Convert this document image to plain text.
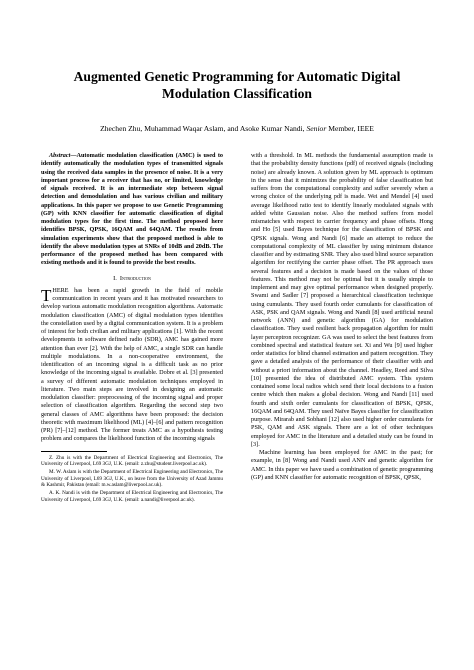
Augmented Genetic Programming for Automatic Digital
Modulation Classification
Zhechen Zhu, Muhammad Waqar Aslam, and Asoke Kumar Nandi, Senior Member, IEEE

Abstract—Automatic modulation classification (AMC) is used to identify automatically the modulation types of transmitted signals using the received data samples in the presence of noise. It is a very important process for a receiver that has no, or limited, knowledge of signals received. It is an intermediate step between signal detection and demodulation and has various civilian and military applications. In this paper we propose to use Genetic Programming (GP) with KNN classifier for automatic classification of digital modulation types for the first time. The method proposed here identifies BPSK, QPSK, 16QAM and 64QAM. The results from simulation experiments show that the proposed method is able to identify the above modulation types at SNRs of 10dB and 20dB. The performance of the proposed method has been compared with existing methods and it is found to provide the best results.

I. Introduction

THERE has been a rapid growth in the field of mobile communication in recent years and it has motivated researchers to develop various automatic modulation recognition algorithms. Automatic modulation classification (AMC) of digital modulation types identifies the constellation used by a digital communication system. It is a problem of interest for both civilian and military applications [1]. With the recent developments in software defined radio (SDR), AMC has gained more attention than ever [2]. With the help of AMC, a single SDR can handle multiple modulations. In a non-cooperative environment, the identification of an incoming signal is a difficult task as no prior knowledge of the incoming signal is available. Dobre et al. [3] presented a survey of different automatic modulation techniques employed in literature. Two main steps are involved in designing an automatic modulation classifier: preprocessing of the incoming signal and proper selection of classification algorithm. Regarding the second step two general classes of AMC algorithms have been proposed: the decision theoretic with maximum likelihood (ML) [4]–[6] and pattern recognition (PR) [7]–[12] method. The former treats AMC as a hypothesis testing problem and compares the likelihood function of the incoming signals

Z. Zhu is with the Department of Electrical Engineering and Electronics, The University of Liverpool, L69 3GJ, U.K. (email: z.zhu@student.liverpool.ac.uk).

M. W. Aslam is with the Department of Electrical Engineering and Electronics, The University of Liverpool, L69 3GJ, U.K., on leave from the University of Azad Jammu & Kashmir, Pakistan (email: m.w.aslam@liverpool.ac.uk).

A. K. Nandi is with the Department of Electrical Engineering and Electronics, The University of Liverpool, L69 3GJ, U.K. (email: a.nandi@liverpool.ac.uk).

with a threshold. In ML methods the fundamental assumption made is that the probability density functions (pdf) of received signals (including noise) are already known. A solution given by ML approach is optimum in the sense that it minimizes the probability of false classification but suffers from the computational complexity and suffer severely when a wrong choice of the underlying pdf is made. Wei and Mendel [4] used average likelihood ratio test to identify linearly modulated signals with added white Gaussian noise. Also the method suffers from model mismatches with respect to carrier frequency and phase offsets. Hong and Ho [5] used Bayes technique for the classification of BPSK and QPSK signals. Wong and Nandi [6] made an attempt to reduce the computational complexity of ML classifier by using minimum distance classifier and by estimating SNR. They also used blind source separation algorithm for rectifying the carrier phase offset. The PR approach uses several features and a decision is made based on the values of those features. This method may not be optimal but it is usually simple to implement and may give optimal performance when designed properly. Swami and Sadler [7] proposed a hierarchical classification technique using cumulants. They used fourth order cumulants for classification of ASK, PSK and QAM signals. Wong and Nandi [8] used artificial neural network (ANN) and genetic algorithm (GA) for modulation classification. They used resilient back propagation algorithm for multi layer perceptron recognizer. GA was used to select the best features from combined spectral and statistical feature set. Xi and Wu [9] used higher order statistics for blind channel estimation and pattern recognition. They gave a detailed analysis of the performance of their classifier with and without a priori information about the channel. Headley, Reed and Silva [10] presented the idea of distributed AMC system. This system contained some local radios which send their local decisions to a fusion centre which then makes a global decision. Wong and Nandi [11] used fourth and sixth order cumulants for classification of BPSK, QPSK, 16QAM and 64QAM. They used Naïve Bayes classifier for classification purpose. Mirarab and Sobhani [12] also used higher order cumulants for PSK, QAM and ASK signals. There are a lot of other techniques employed for AMC in the literature and a detailed study can be found in [3].

Machine learning has been employed for AMC in the past; for example, in [8] Wong and Nandi used ANN and genetic algorithm for AMC. In this paper we have used a combination of genetic programming (GP) and KNN classifier for automatic recognition of BPSK, QPSK,
